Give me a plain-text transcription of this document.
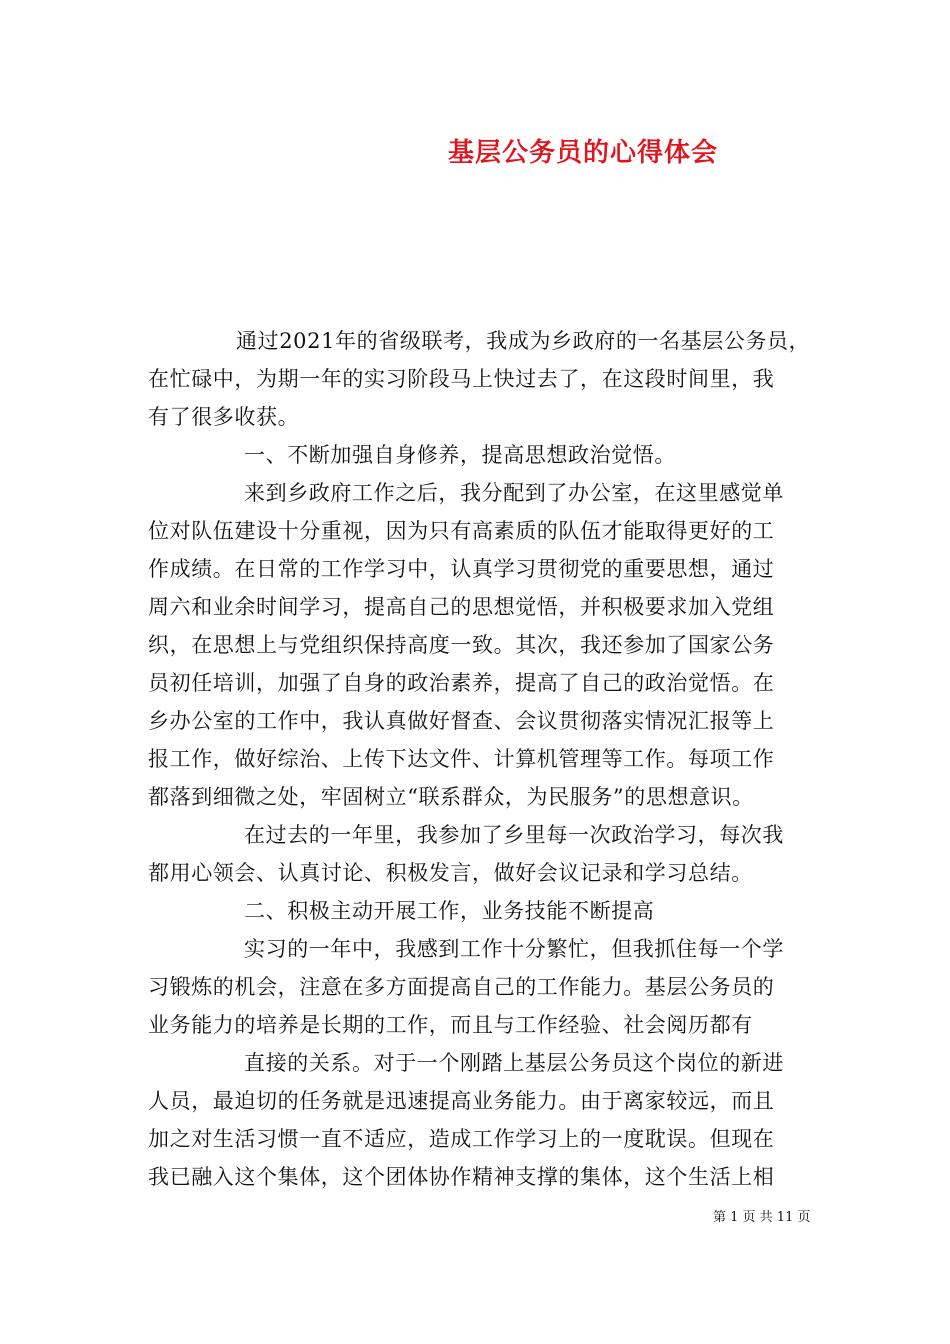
基层公务员的心得体会
通过2021年的省级联考，我成为乡政府的一名基层公务员，
在忙碌中，为期一年的实习阶段马上快过去了，在这段时间里，我
有了很多收获。
一、不断加强自身修养，提高思想政治觉悟。
来到乡政府工作之后，我分配到了办公室，在这里感觉单
位对队伍建设十分重视，因为只有高素质的队伍才能取得更好的工
作成绩。在日常的工作学习中，认真学习贯彻党的重要思想，通过
周六和业余时间学习，提高自己的思想觉悟，并积极要求加入党组
织，在思想上与党组织保持高度一致。其次，我还参加了国家公务
员初任培训，加强了自身的政治素养，提高了自己的政治觉悟。在
乡办公室的工作中，我认真做好督查、会议贯彻落实情况汇报等上
报工作，做好综治、上传下达文件、计算机管理等工作。每项工作
都落到细微之处，牢固树立“联系群众，为民服务”的思想意识。
在过去的一年里，我参加了乡里每一次政治学习，每次我
都用心领会、认真讨论、积极发言，做好会议记录和学习总结。
二、积极主动开展工作，业务技能不断提高
实习的一年中，我感到工作十分繁忙，但我抓住每一个学
习锻炼的机会，注意在多方面提高自己的工作能力。基层公务员的
业务能力的培养是长期的工作，而且与工作经验、社会阅历都有
直接的关系。对于一个刚踏上基层公务员这个岗位的新进
人员，最迫切的任务就是迅速提高业务能力。由于离家较远，而且
加之对生活习惯一直不适应，造成工作学习上的一度耽误。但现在
我已融入这个集体，这个团体协作精神支撑的集体，这个生活上相
第 1 页 共 11 页
